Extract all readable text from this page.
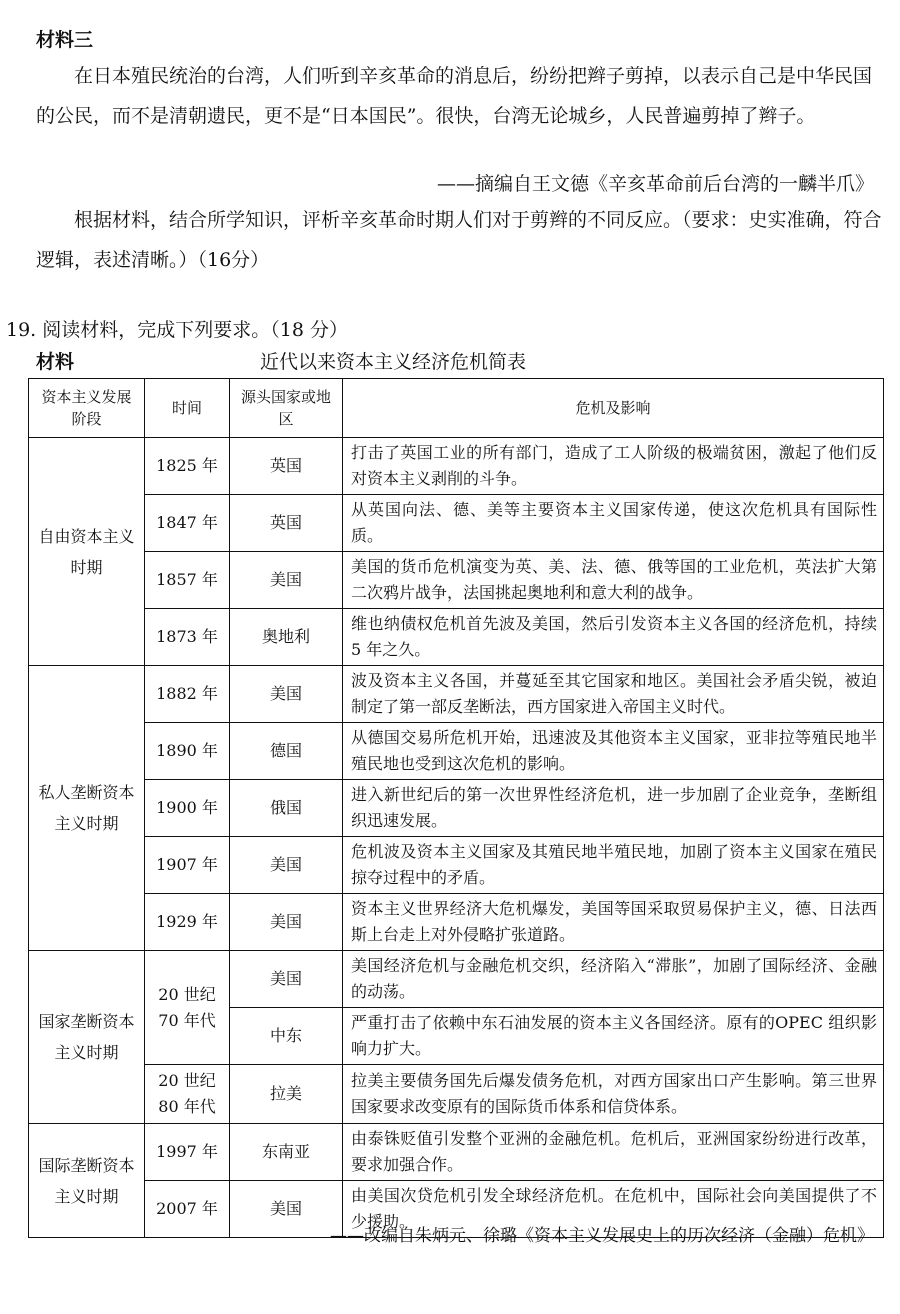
材料三
在日本殖民统治的台湾，人们听到辛亥革命的消息后，纷纷把辫子剪掉，以表示自己是中华民国的公民，而不是清朝遗民，更不是“日本国民”。很快，台湾无论城乡，人民普遍剪掉了辫子。
——摘编自王文德《辛亥革命前后台湾的一麟半爪》
根据材料，结合所学知识，评析辛亥革命时期人们对于剪辫的不同反应。（要求：史实准确，符合逻辑，表述清晰。）（16分）
19. 阅读材料，完成下列要求。（18 分）
材料	近代以来资本主义经济危机简表
资本主义发展阶段	时间	源头国家或地区	危机及影响
自由资本主义时期	1825 年	英国	打击了英国工业的所有部门，造成了工人阶级的极端贫困，激起了他们反对资本主义剥削的斗争。
	1847 年	英国	从英国向法、德、美等主要资本主义国家传递，使这次危机具有国际性质。
	1857 年	美国	美国的货币危机演变为英、美、法、德、俄等国的工业危机，英法扩大第二次鸦片战争，法国挑起奥地利和意大利的战争。
	1873 年	奥地利	维也纳债权危机首先波及美国，然后引发资本主义各国的经济危机，持续 5 年之久。
私人垄断资本主义时期	1882 年	美国	波及资本主义各国，并蔓延至其它国家和地区。美国社会矛盾尖锐，被迫制定了第一部反垄断法，西方国家进入帝国主义时代。
	1890 年	德国	从德国交易所危机开始，迅速波及其他资本主义国家，亚非拉等殖民地半殖民地也受到这次危机的影响。
	1900 年	俄国	进入新世纪后的第一次世界性经济危机，进一步加剧了企业竞争，垄断组织迅速发展。
	1907 年	美国	危机波及资本主义国家及其殖民地半殖民地，加剧了资本主义国家在殖民掠夺过程中的矛盾。
	1929 年	美国	资本主义世界经济大危机爆发，美国等国采取贸易保护主义，德、日法西斯上台走上对外侵略扩张道路。
国家垄断资本主义时期	20 世纪70 年代	美国	美国经济危机与金融危机交织，经济陷入“滞胀”，加剧了国际经济、金融的动荡。
		中东	严重打击了依赖中东石油发展的资本主义各国经济。原有的OPEC 组织影响力扩大。
	20 世纪80 年代	拉美	拉美主要债务国先后爆发债务危机，对西方国家出口产生影响。第三世界国家要求改变原有的国际货币体系和信贷体系。
国际垄断资本主义时期	1997 年	东南亚	由泰铢贬值引发整个亚洲的金融危机。危机后，亚洲国家纷纷进行改革，要求加强合作。
	2007 年	美国	由美国次贷危机引发全球经济危机。在危机中，国际社会向美国提供了不少援助。
——改编自朱炳元、徐璐《资本主义发展史上的历次经济（金融）危机》
